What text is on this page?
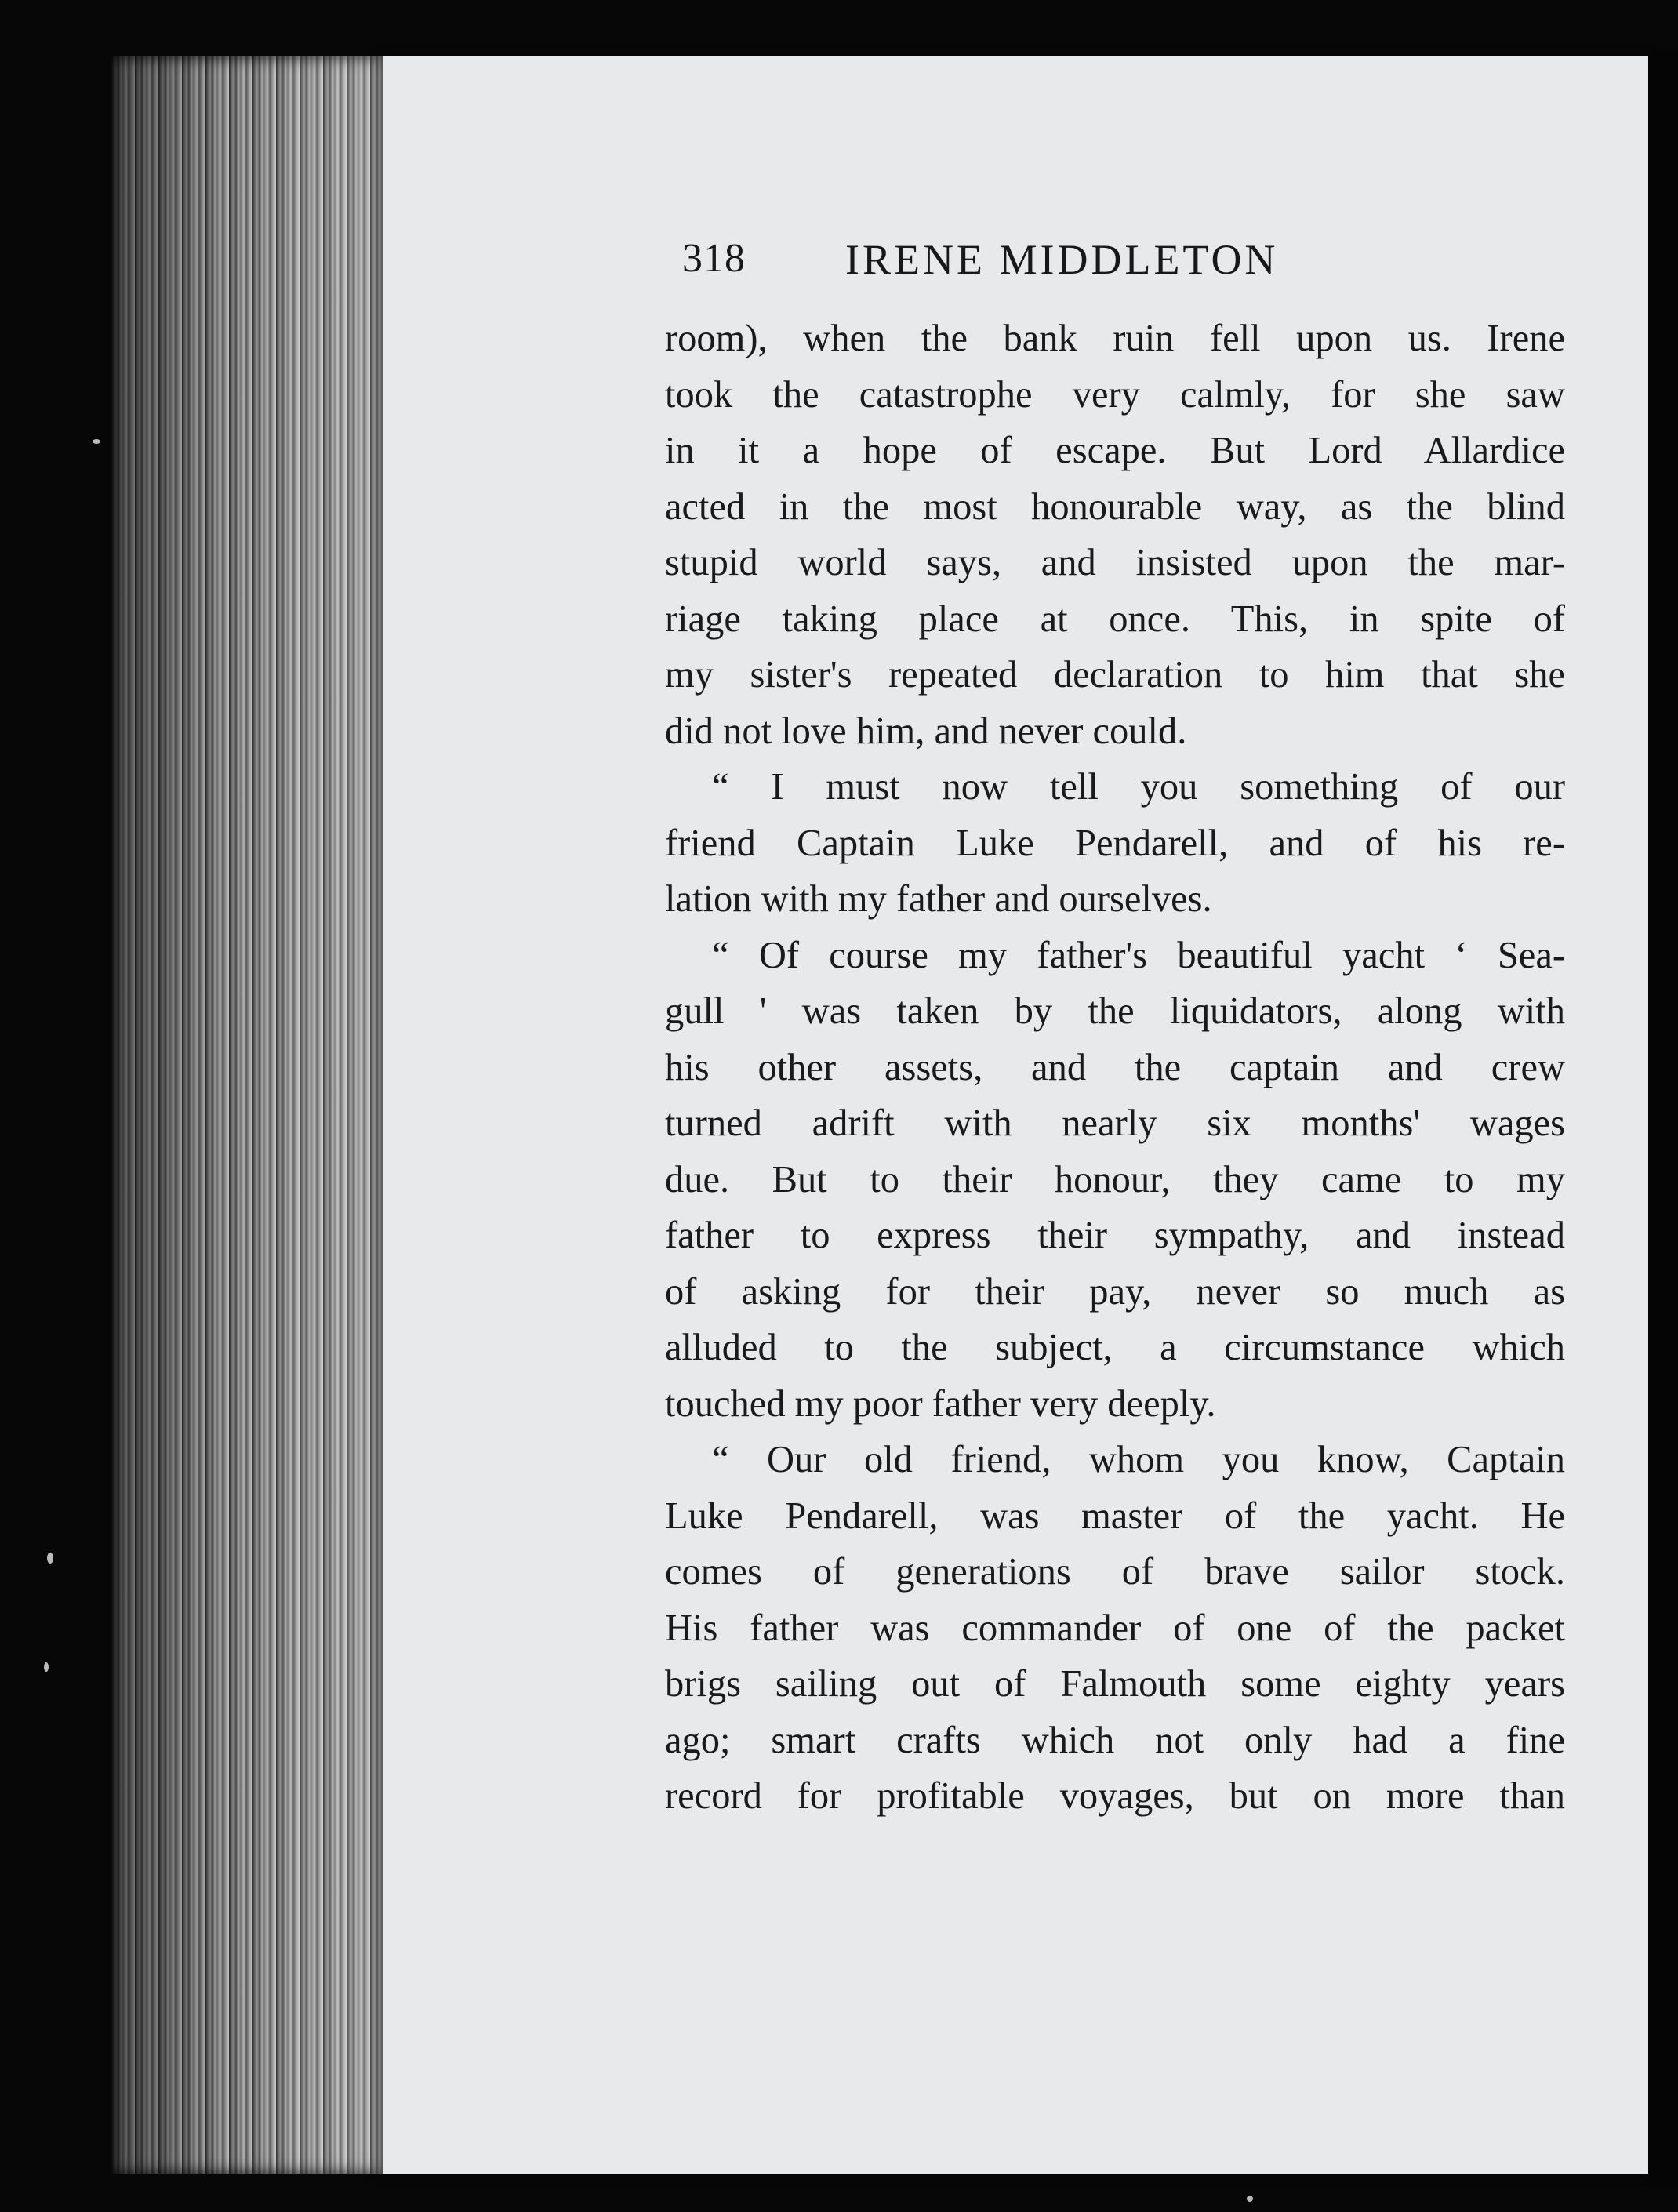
318 IRENE MIDDLETON
room), when the bank ruin fell upon us. Irene
took the catastrophe very calmly, for she saw
in it a hope of escape. But Lord Allardice
acted in the most honourable way, as the blind
stupid world says, and insisted upon the mar-
riage taking place at once. This, in spite of
my sister's repeated declaration to him that she
did not love him, and never could.
“ I must now tell you something of our
friend Captain Luke Pendarell, and of his re-
lation with my father and ourselves.
“ Of course my father's beautiful yacht ‘ Sea-
gull ' was taken by the liquidators, along with
his other assets, and the captain and crew
turned adrift with nearly six months' wages
due. But to their honour, they came to my
father to express their sympathy, and instead
of asking for their pay, never so much as
alluded to the subject, a circumstance which
touched my poor father very deeply.
“ Our old friend, whom you know, Captain
Luke Pendarell, was master of the yacht. He
comes of generations of brave sailor stock.
His father was commander of one of the packet
brigs sailing out of Falmouth some eighty years
ago; smart crafts which not only had a fine
record for profitable voyages, but on more than
